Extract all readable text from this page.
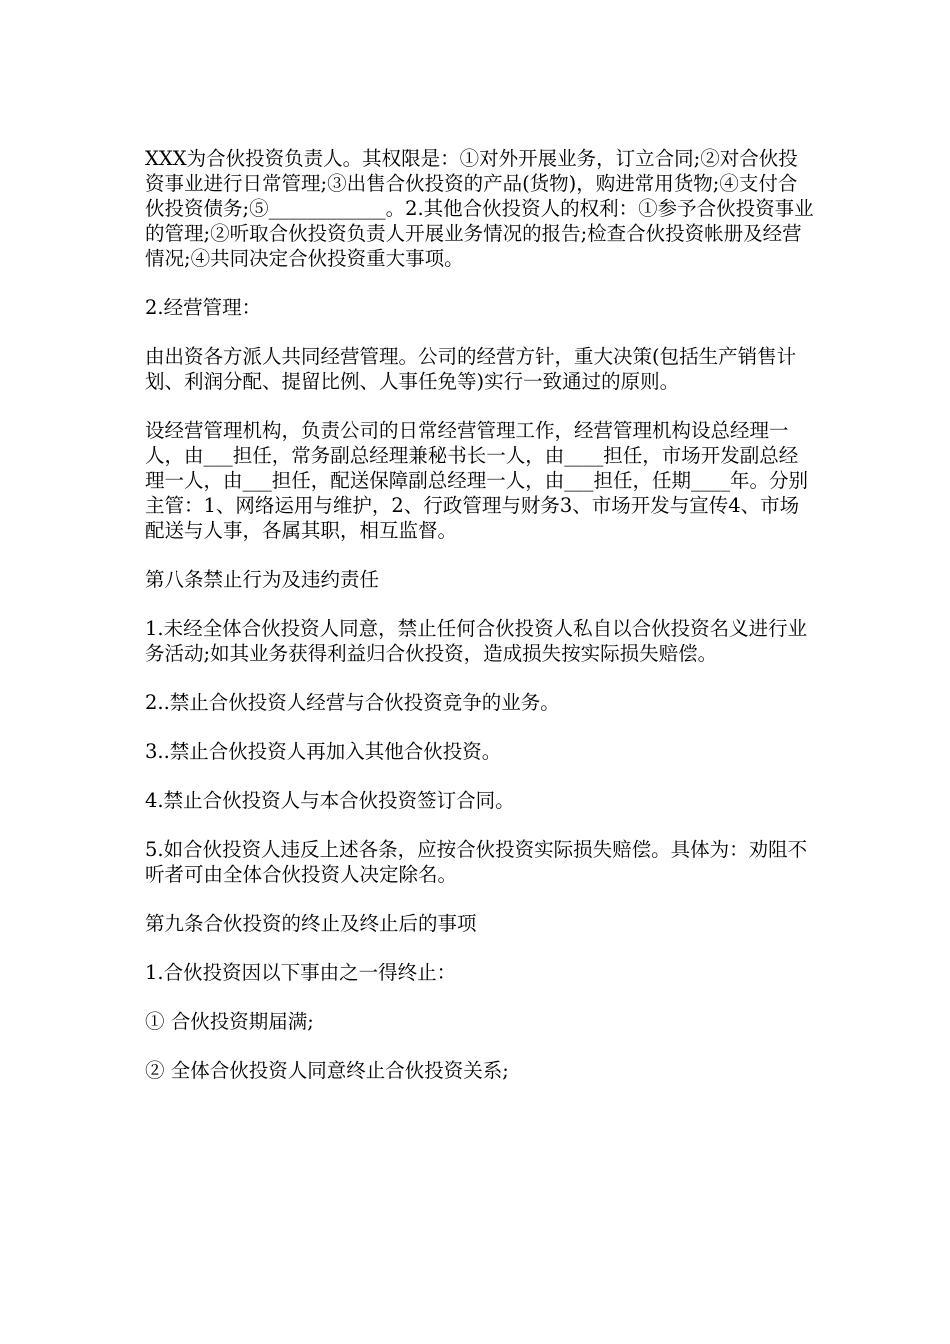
XXX为合伙投资负责人。其权限是：①对外开展业务，订立合同;②对合伙投资事业进行日常管理;③出售合伙投资的产品(货物)，购进常用货物;④支付合伙投资债务;⑤____________。2.其他合伙投资人的权利：①参予合伙投资事业的管理;②听取合伙投资负责人开展业务情况的报告;检查合伙投资帐册及经营情况;④共同决定合伙投资重大事项。

2.经营管理：

由出资各方派人共同经营管理。公司的经营方针，重大决策(包括生产销售计划、利润分配、提留比例、人事任免等)实行一致通过的原则。

设经营管理机构，负责公司的日常经营管理工作，经营管理机构设总经理一人，由___担任，常务副总经理兼秘书长一人，由____担任，市场开发副总经理一人，由___担任，配送保障副总经理一人，由___担任，任期____年。分别主管：1、网络运用与维护，2、行政管理与财务3、市场开发与宣传4、市场配送与人事，各属其职，相互监督。

第八条禁止行为及违约责任

1.未经全体合伙投资人同意，禁止任何合伙投资人私自以合伙投资名义进行业务活动;如其业务获得利益归合伙投资，造成损失按实际损失赔偿。

2..禁止合伙投资人经营与合伙投资竞争的业务。

3..禁止合伙投资人再加入其他合伙投资。

4.禁止合伙投资人与本合伙投资签订合同。

5.如合伙投资人违反上述各条，应按合伙投资实际损失赔偿。具体为：劝阻不听者可由全体合伙投资人决定除名。

第九条合伙投资的终止及终止后的事项

1.合伙投资因以下事由之一得终止：

① 合伙投资期届满;

② 全体合伙投资人同意终止合伙投资关系;
